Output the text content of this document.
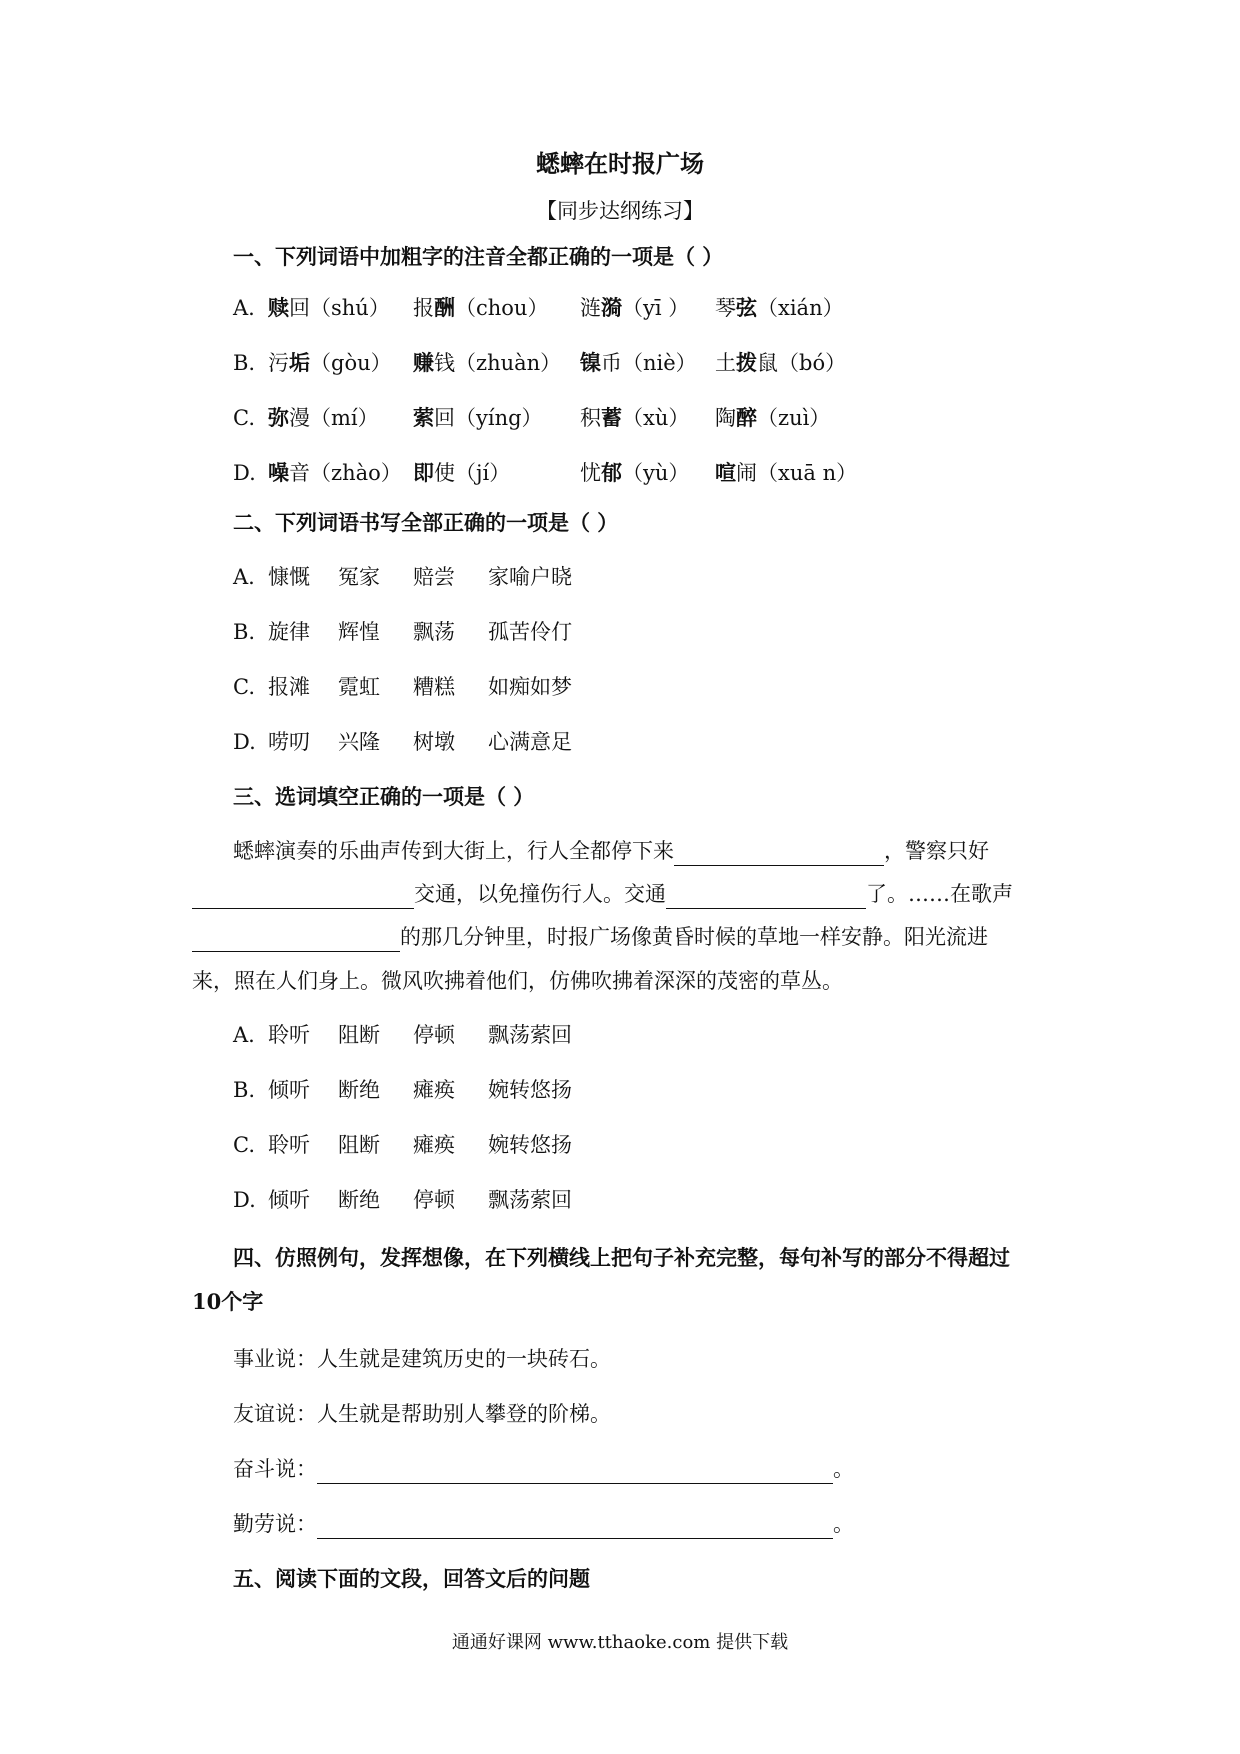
蟋蟀在时报广场
【同步达纲练习】
一、下列词语中加粗字的注音全都正确的一项是（ ）
A. 赎回（shú） 报酬（chou） 涟漪（yī ） 琴弦（xián）
B. 污垢（gòu） 赚钱（zhuàn） 镍币（niè） 土拨鼠（bó）
C. 弥漫（mí） 萦回（yíng） 积蓄（xù） 陶醉（zuì）
D. 噪音（zhào） 即使（jí）	忧郁（yù） 喧闹（xuā n）
二、下列词语书写全部正确的一项是（ ）
A. 慷慨 冤家 赔尝 家喻户晓
B. 旋律 辉惶 飘荡 孤苦伶仃
C. 报滩 霓虹 糟糕 如痴如梦
D. 唠叨 兴隆 树墩 心满意足
三、选词填空正确的一项是（ ）
蟋蟀演奏的乐曲声传到大街上，行人全都停下来	，警察只好
交通，以免撞伤行人。交通	了。……在歌声
的那几分钟里，时报广场像黄昏时候的草地一样安静。阳光流进
来，照在人们身上。微风吹拂着他们，仿佛吹拂着深深的茂密的草丛。
A. 聆听 阻断 停顿 飘荡萦回
B. 倾听 断绝 瘫痪 婉转悠扬
C. 聆听 阻断 瘫痪 婉转悠扬
D. 倾听 断绝 停顿 飘荡萦回
四、仿照例句，发挥想像，在下列横线上把句子补充完整，每句补写的部分不得超过
10个字
事业说：人生就是建筑历史的一块砖石。
友谊说：人生就是帮助别人攀登的阶梯。
奋斗说：	。
勤劳说：	。
五、阅读下面的文段，回答文后的问题
通通好课网 www.tthaoke.com 提供下载
